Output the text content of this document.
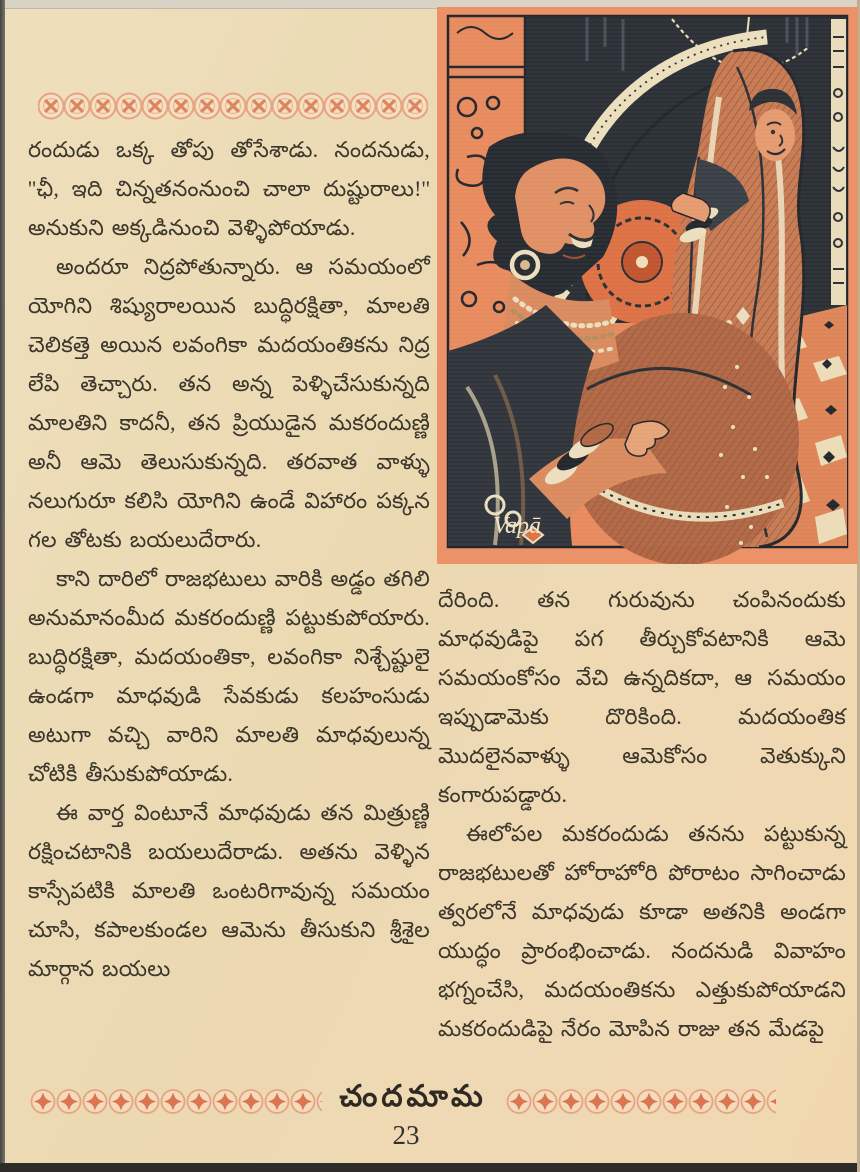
రందుడు ఒక్క తోపు తోసేశాడు. నందనుడు, ''ఛీ, ఇది చిన్నతనంనుంచి చాలా దుష్టురాలు!'' అనుకుని అక్కడినుంచి వెళ్ళిపోయాడు.

అందరూ నిద్రపోతున్నారు. ఆ సమయంలో యోగిని శిష్యురాలయిన బుద్ధిరక్షితా, మాలతి చెలికత్తె అయిన లవంగికా మదయంతికను నిద్ర లేపి తెచ్చారు. తన అన్న పెళ్ళిచేసుకున్నది మాలతిని కాదనీ, తన ప్రియుడైన మకరందుణ్ణి అనీ ఆమె తెలుసుకున్నది. తరవాత వాళ్ళు నలుగురూ కలిసి యోగిని ఉండే విహారం పక్కన గల తోటకు బయలుదేరారు.

కాని దారిలో రాజభటులు వారికి అడ్డం తగిలి అనుమానంమీద మకరందుణ్ణి పట్టుకుపోయారు. బుద్ధిరక్షితా, మదయంతికా, లవంగికా నిశ్చేష్టులై ఉండగా మాధవుడి సేవకుడు కలహంసుడు అటుగా వచ్చి వారిని మాలతి మాధవులున్న చోటికి తీసుకుపోయాడు.

ఈ వార్త వింటూనే మాధవుడు తన మిత్రుణ్ణి రక్షించటానికి బయలుదేరాడు. అతను వెళ్ళిన కాస్సేపటికి మాలతి ఒంటరిగావున్న సమయం చూసి, కపాలకుండల ఆమెను తీసుకుని శ్రీశైల మార్గాన బయలు

దేరింది. తన గురువును చంపినందుకు మాధవుడిపై పగ తీర్చుకోవటానికి ఆమె సమయంకోసం వేచి ఉన్నదికదా, ఆ సమయం ఇప్పుడామెకు దొరికింది. మదయంతిక మొదలైనవాళ్ళు ఆమెకోసం వెతుక్కుని కంగారుపడ్డారు.

ఈలోపల మకరందుడు తనను పట్టుకున్న రాజభటులతో హోరాహోరి పోరాటం సాగించాడు త్వరలోనే మాధవుడు కూడా అతనికి అండగా యుద్ధం ప్రారంభించాడు. నందనుడి వివాహం భగ్నంచేసి, మదయంతికను ఎత్తుకుపోయాడని మకరందుడిపై నేరం మోపిన రాజు తన మేడపై

చందమామ
23
